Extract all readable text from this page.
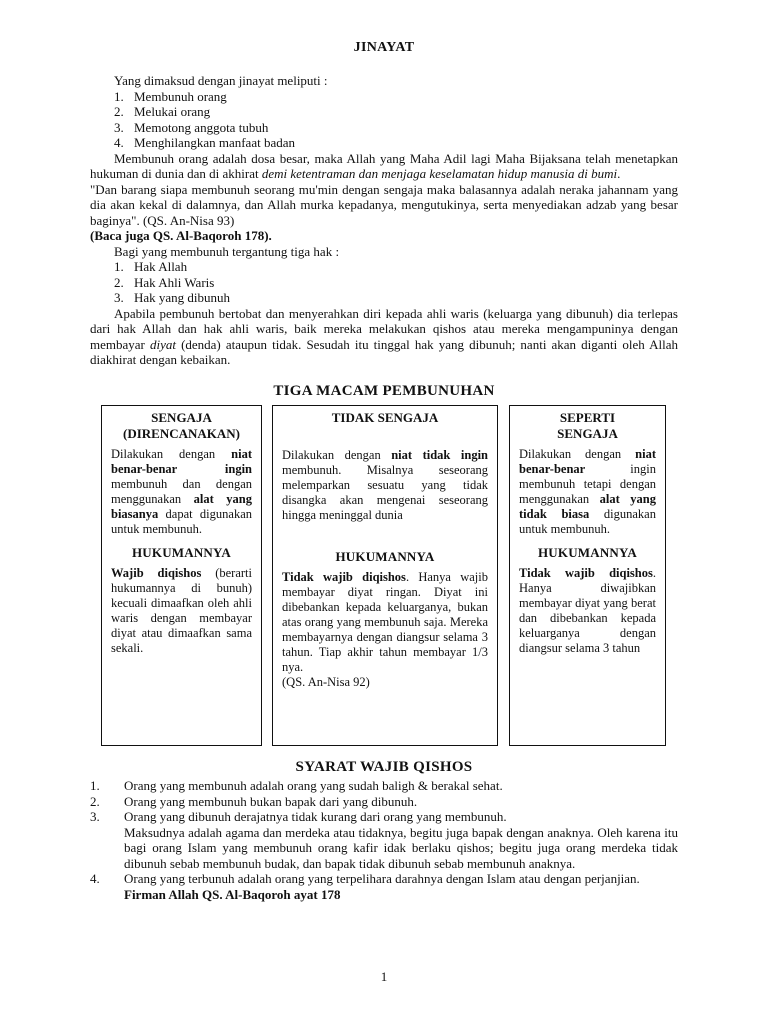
JINAYAT

Yang dimaksud dengan jinayat meliputi :

1. Membunuh orang
2. Melukai orang
3. Memotong anggota tubuh
4. Menghilangkan manfaat badan

Membunuh orang adalah dosa besar, maka Allah yang Maha Adil lagi Maha Bijaksana telah menetapkan hukuman di dunia dan di akhirat demi ketentraman dan menjaga keselamatan hidup manusia di bumi.

"Dan barang siapa membunuh seorang mu'min dengan sengaja maka balasannya adalah neraka jahannam yang dia akan kekal di dalamnya, dan Allah murka kepadanya, mengutukinya, serta menyediakan adzab yang besar baginya". (QS. An-Nisa 93)

(Baca juga QS. Al-Baqoroh 178).

Bagi yang membunuh tergantung tiga hak :

1. Hak Allah
2. Hak Ahli Waris
3. Hak yang dibunuh

Apabila pembunuh bertobat dan menyerahkan diri kepada ahli waris (keluarga yang dibunuh) dia terlepas dari hak Allah dan hak ahli waris, baik mereka melakukan qishos atau mereka mengampuninya dengan membayar diyat (denda) ataupun tidak. Sesudah itu tinggal hak yang dibunuh; nanti akan diganti oleh Allah diakhirat dengan kebaikan.

TIGA MACAM PEMBUNUHAN
SENGAJA (DIRENCANAKAN)
Dilakukan dengan niat benar-benar ingin membunuh dan dengan menggunakan alat yang biasanya dapat digunakan untuk membunuh.
HUKUMANNYA
Wajib diqishos (berarti hukumannya di bunuh) kecuali dimaafkan oleh ahli waris dengan membayar diyat atau dimaafkan sama sekali.
TIDAK SENGAJA
Dilakukan dengan niat tidak ingin membunuh. Misalnya seseorang melemparkan sesuatu yang tidak disangka akan mengenai seseorang hingga meninggal dunia
HUKUMANNYA
Tidak wajib diqishos. Hanya wajib membayar diyat ringan. Diyat ini dibebankan kepada keluarganya, bukan atas orang yang membunuh saja. Mereka membayarnya dengan diangsur selama 3 tahun. Tiap akhir tahun membayar 1/3 nya.
(QS. An-Nisa 92)
SEPERTI SENGAJA
Dilakukan dengan niat benar-benar ingin membunuh tetapi dengan menggunakan alat yang tidak biasa digunakan untuk membunuh.
HUKUMANNYA
Tidak wajib diqishos. Hanya diwajibkan membayar diyat yang berat dan dibebankan kepada keluarganya dengan diangsur selama 3 tahun
SYARAT WAJIB QISHOS
1. Orang yang membunuh adalah orang yang sudah baligh & berakal sehat.
2. Orang yang membunuh bukan bapak dari yang dibunuh.
3. Orang yang dibunuh derajatnya tidak kurang dari orang yang membunuh.
Maksudnya adalah agama dan merdeka atau tidaknya, begitu juga bapak dengan anaknya. Oleh karena itu bagi orang Islam yang membunuh orang kafir idak berlaku qishos; begitu juga orang merdeka tidak dibunuh sebab membunuh budak, dan bapak tidak dibunuh sebab membunuh anaknya.
4. Orang yang terbunuh adalah orang yang terpelihara darahnya dengan Islam atau dengan perjanjian.
Firman Allah QS. Al-Baqoroh ayat 178
1
